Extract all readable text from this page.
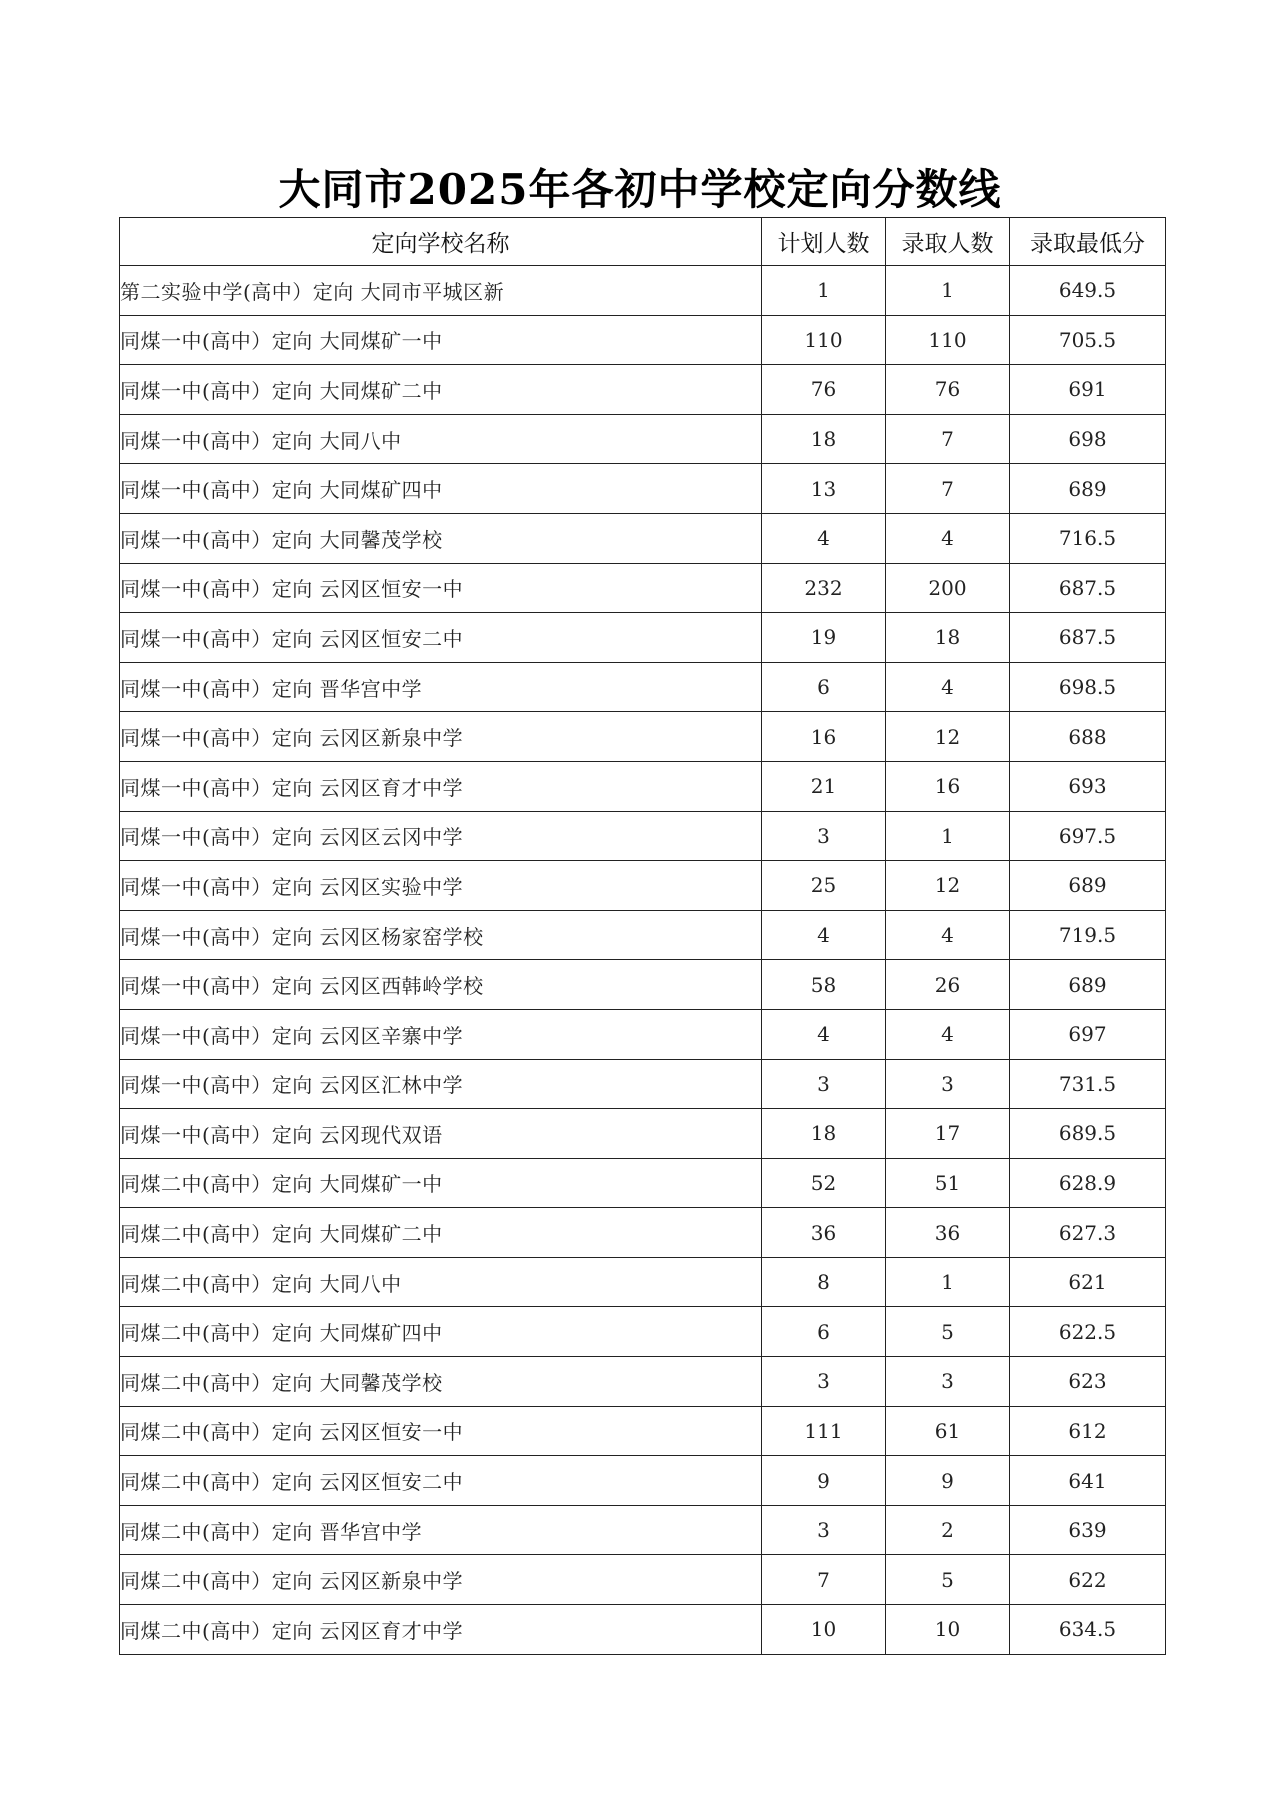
大同市2025年各初中学校定向分数线
定向学校名称	计划人数	录取人数	录取最低分
第二实验中学(高中）定向 大同市平城区新	1	1	649.5
同煤一中(高中）定向 大同煤矿一中	110	110	705.5
同煤一中(高中）定向 大同煤矿二中	76	76	691
同煤一中(高中）定向 大同八中	18	7	698
同煤一中(高中）定向 大同煤矿四中	13	7	689
同煤一中(高中）定向 大同馨茂学校	4	4	716.5
同煤一中(高中）定向 云冈区恒安一中	232	200	687.5
同煤一中(高中）定向 云冈区恒安二中	19	18	687.5
同煤一中(高中）定向 晋华宫中学	6	4	698.5
同煤一中(高中）定向 云冈区新泉中学	16	12	688
同煤一中(高中）定向 云冈区育才中学	21	16	693
同煤一中(高中）定向 云冈区云冈中学	3	1	697.5
同煤一中(高中）定向 云冈区实验中学	25	12	689
同煤一中(高中）定向 云冈区杨家窑学校	4	4	719.5
同煤一中(高中）定向 云冈区西韩岭学校	58	26	689
同煤一中(高中）定向 云冈区辛寨中学	4	4	697
同煤一中(高中）定向 云冈区汇林中学	3	3	731.5
同煤一中(高中）定向 云冈现代双语	18	17	689.5
同煤二中(高中）定向 大同煤矿一中	52	51	628.9
同煤二中(高中）定向 大同煤矿二中	36	36	627.3
同煤二中(高中）定向 大同八中	8	1	621
同煤二中(高中）定向 大同煤矿四中	6	5	622.5
同煤二中(高中）定向 大同馨茂学校	3	3	623
同煤二中(高中）定向 云冈区恒安一中	111	61	612
同煤二中(高中）定向 云冈区恒安二中	9	9	641
同煤二中(高中）定向 晋华宫中学	3	2	639
同煤二中(高中）定向 云冈区新泉中学	7	5	622
同煤二中(高中）定向 云冈区育才中学	10	10	634.5
